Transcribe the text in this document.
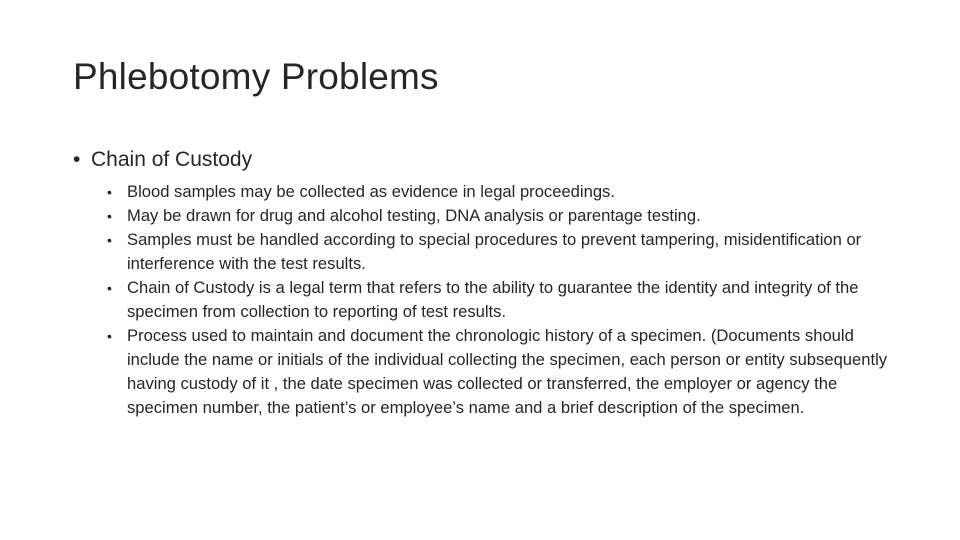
Phlebotomy Problems
• Chain of Custody
• Blood samples may be collected as evidence in legal proceedings.
• May be drawn for drug and alcohol testing, DNA analysis or parentage testing.
• Samples must be handled according to special procedures to prevent tampering, misidentification or interference with the test results.
• Chain of Custody is a legal term that refers to the ability to guarantee the identity and integrity of the specimen from collection to reporting of test results.
• Process used to maintain and document the chronologic history of a specimen. (Documents should include the name or initials of the individual collecting the specimen, each person or entity subsequently having custody of it , the date specimen was collected or transferred, the employer or agency the specimen number, the patient’s or employee’s name and a brief description of the specimen.
